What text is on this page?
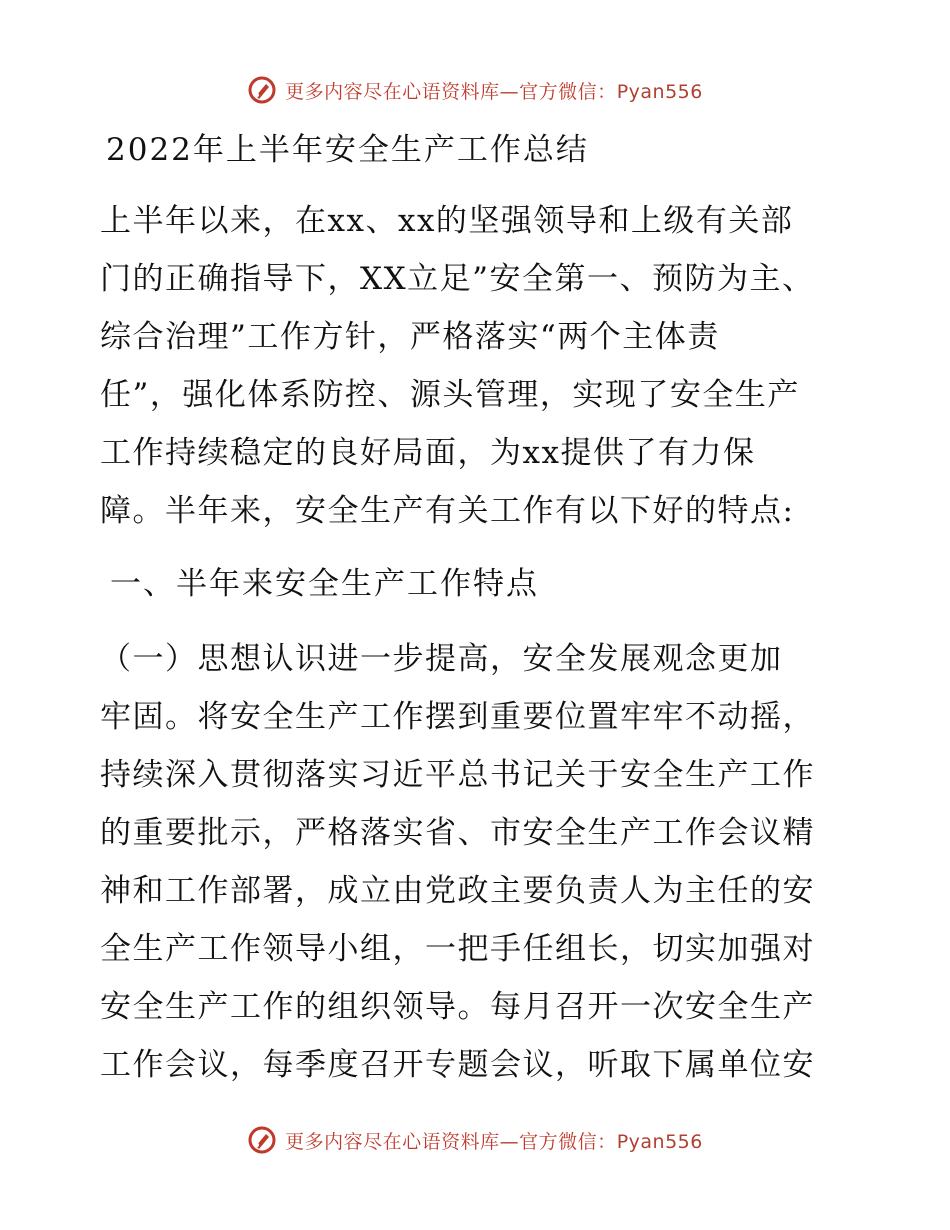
更多内容尽在心语资料库—官方微信：Pyan556
2022年上半年安全生产工作总结
上半年以来，在xx、xx的坚强领导和上级有关部
门的正确指导下，XX立足”安全第一、预防为主、
综合治理”工作方针，严格落实“两个主体责
任”，强化体系防控、源头管理，实现了安全生产
工作持续稳定的良好局面，为xx提供了有力保
障。半年来，安全生产有关工作有以下好的特点:
一、半年来安全生产工作特点
（一）思想认识进一步提高，安全发展观念更加
牢固。将安全生产工作摆到重要位置牢牢不动摇，
持续深入贯彻落实习近平总书记关于安全生产工作
的重要批示，严格落实省、市安全生产工作会议精
神和工作部署，成立由党政主要负责人为主任的安
全生产工作领导小组，一把手任组长，切实加强对
安全生产工作的组织领导。每月召开一次安全生产
工作会议，每季度召开专题会议，听取下属单位安
更多内容尽在心语资料库—官方微信：Pyan556
